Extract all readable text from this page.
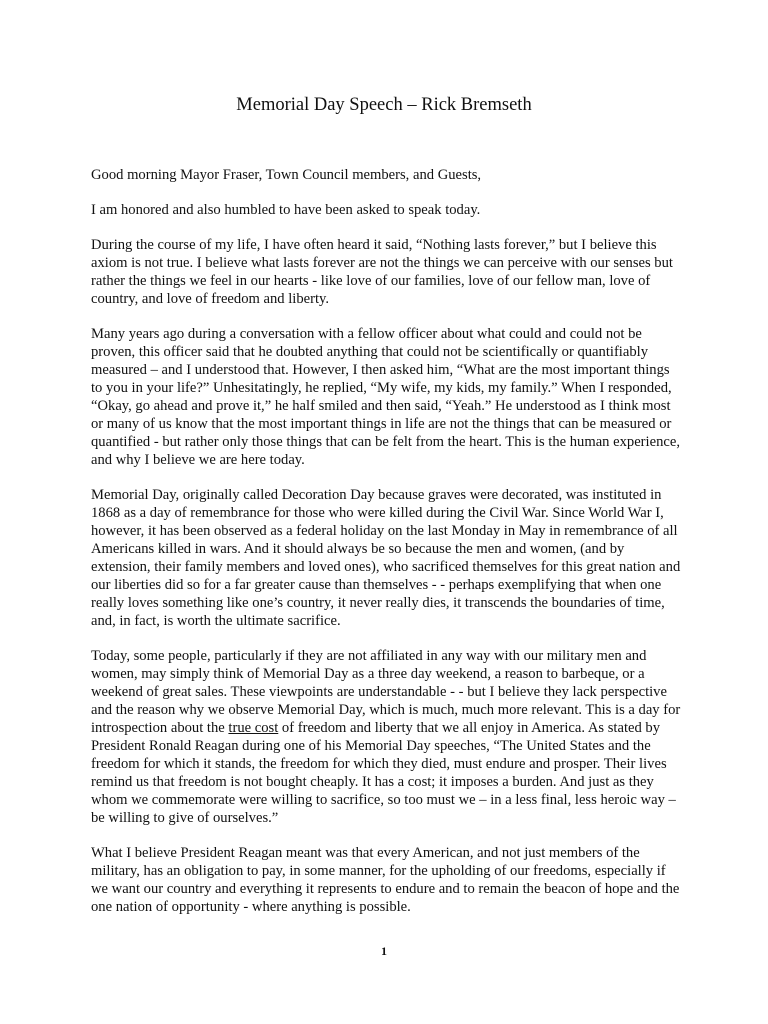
Memorial Day Speech – Rick Bremseth

Good morning Mayor Fraser, Town Council members, and Guests,

I am honored and also humbled to have been asked to speak today.

During the course of my life, I have often heard it said, “Nothing lasts forever,” but I believe this axiom is not true. I believe what lasts forever are not the things we can perceive with our senses but rather the things we feel in our hearts - like love of our families, love of our fellow man, love of country, and love of freedom and liberty.

Many years ago during a conversation with a fellow officer about what could and could not be proven, this officer said that he doubted anything that could not be scientifically or quantifiably measured – and I understood that. However, I then asked him, “What are the most important things to you in your life?” Unhesitatingly, he replied, “My wife, my kids, my family.” When I responded, “Okay, go ahead and prove it,” he half smiled and then said, “Yeah.” He understood as I think most or many of us know that the most important things in life are not the things that can be measured or quantified - but rather only those things that can be felt from the heart. This is the human experience, and why I believe we are here today.

Memorial Day, originally called Decoration Day because graves were decorated, was instituted in 1868 as a day of remembrance for those who were killed during the Civil War. Since World War I, however, it has been observed as a federal holiday on the last Monday in May in remembrance of all Americans killed in wars. And it should always be so because the men and women, (and by extension, their family members and loved ones), who sacrificed themselves for this great nation and our liberties did so for a far greater cause than themselves - - perhaps exemplifying that when one really loves something like one’s country, it never really dies, it transcends the boundaries of time, and, in fact, is worth the ultimate sacrifice.

Today, some people, particularly if they are not affiliated in any way with our military men and women, may simply think of Memorial Day as a three day weekend, a reason to barbeque, or a weekend of great sales. These viewpoints are understandable - - but I believe they lack perspective and the reason why we observe Memorial Day, which is much, much more relevant. This is a day for introspection about the true cost of freedom and liberty that we all enjoy in America. As stated by President Ronald Reagan during one of his Memorial Day speeches, “The United States and the freedom for which it stands, the freedom for which they died, must endure and prosper. Their lives remind us that freedom is not bought cheaply. It has a cost; it imposes a burden. And just as they whom we commemorate were willing to sacrifice, so too must we – in a less final, less heroic way – be willing to give of ourselves.”

What I believe President Reagan meant was that every American, and not just members of the military, has an obligation to pay, in some manner, for the upholding of our freedoms, especially if we want our country and everything it represents to endure and to remain the beacon of hope and the one nation of opportunity - where anything is possible.

1
